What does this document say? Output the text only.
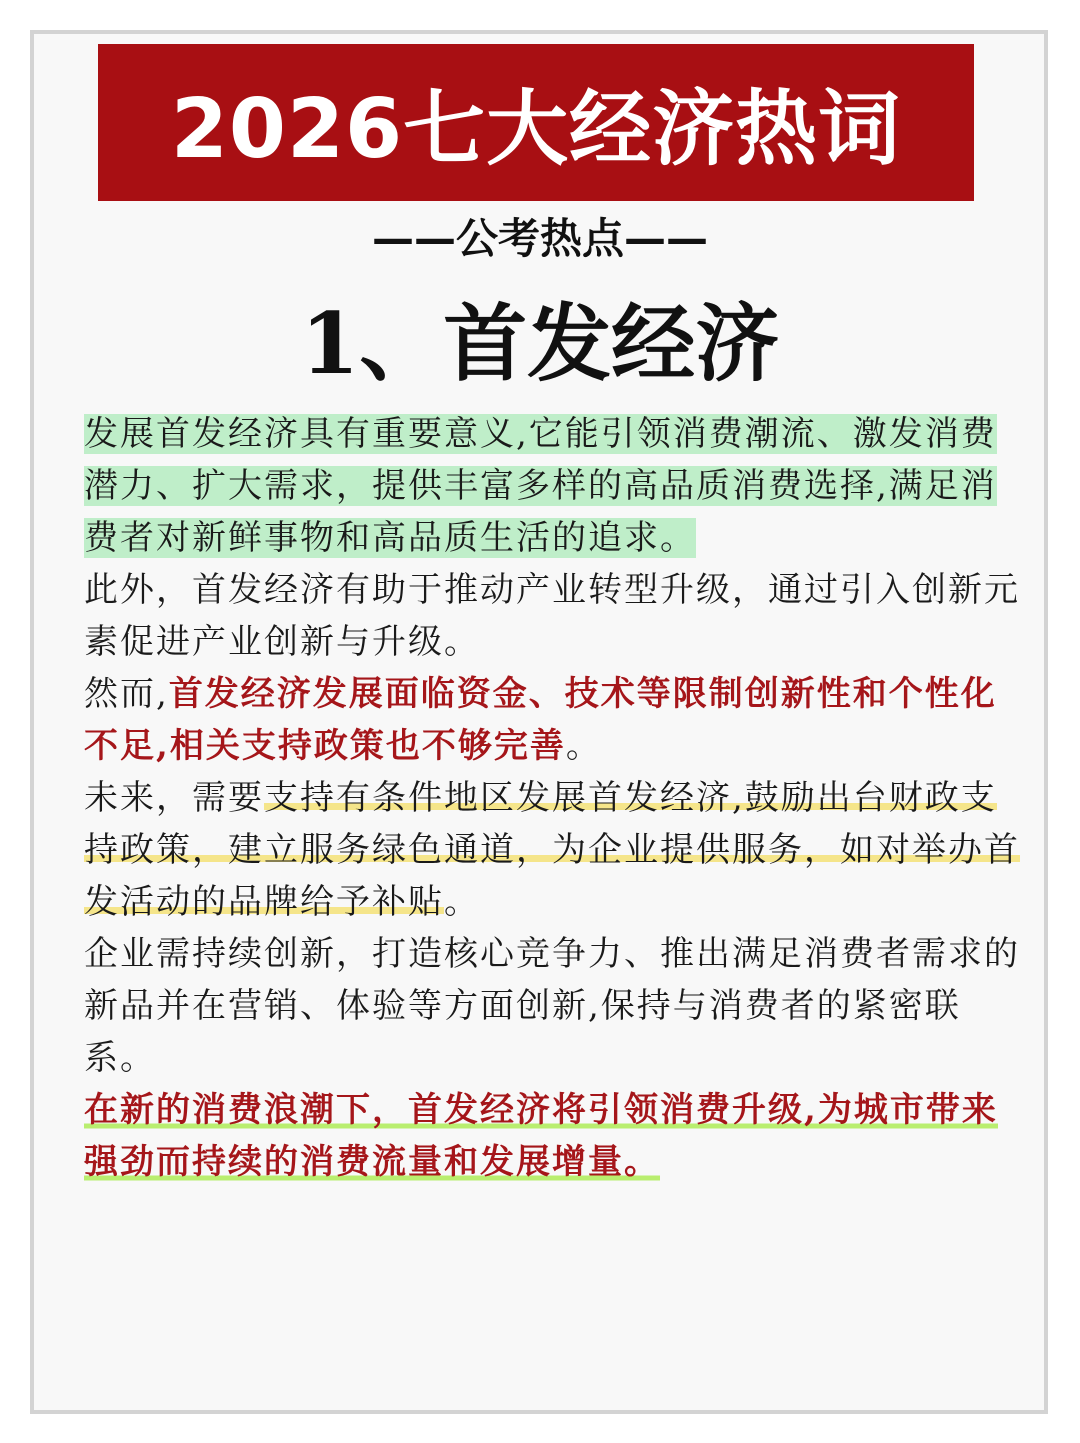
2026七大经济热词
——公考热点——
1、首发经济

发展首发经济具有重要意义,它能引领消费潮流、激发消费潜力、扩大需求，提供丰富多样的高品质消费选择,满足消费者对新鲜事物和高品质生活的追求。

此外，首发经济有助于推动产业转型升级，通过引入创新元素促进产业创新与升级。

然而,首发经济发展面临资金、技术等限制创新性和个性化不足,相关支持政策也不够完善。

未来，需要支持有条件地区发展首发经济,鼓励出台财政支持政策，建立服务绿色通道，为企业提供服务，如对举办首发活动的品牌给予补贴。

企业需持续创新，打造核心竞争力、推出满足消费者需求的新品并在营销、体验等方面创新,保持与消费者的紧密联系。

在新的消费浪潮下，首发经济将引领消费升级,为城市带来强劲而持续的消费流量和发展增量。
